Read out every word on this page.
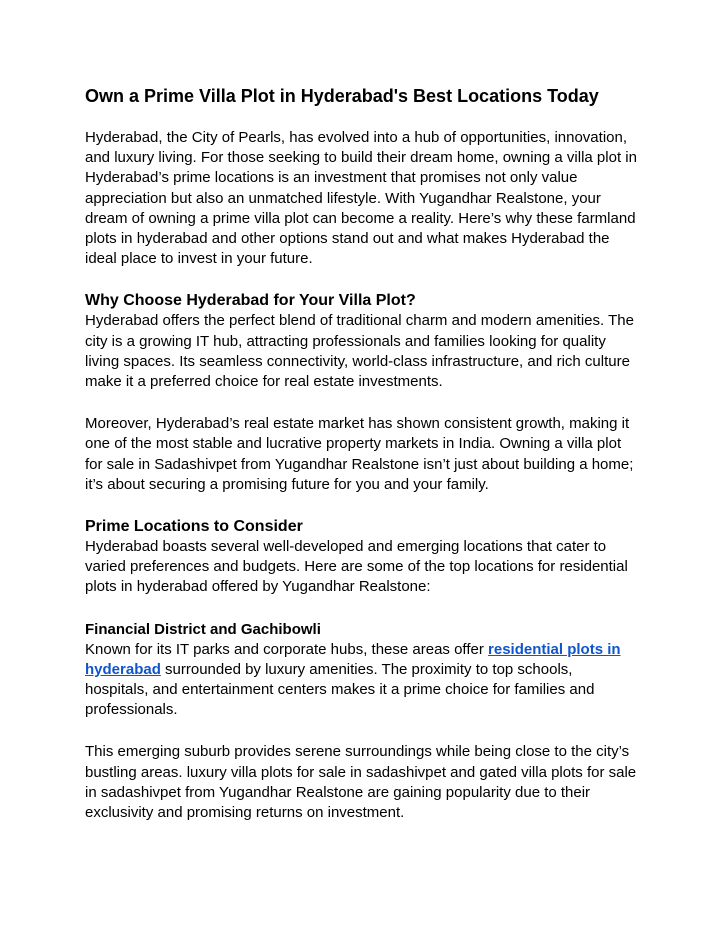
Own a Prime Villa Plot in Hyderabad's Best Locations Today

Hyderabad, the City of Pearls, has evolved into a hub of opportunities, innovation, and luxury living. For those seeking to build their dream home, owning a villa plot in Hyderabad’s prime locations is an investment that promises not only value appreciation but also an unmatched lifestyle. With Yugandhar Realstone, your dream of owning a prime villa plot can become a reality. Here’s why these farmland plots in hyderabad and other options stand out and what makes Hyderabad the ideal place to invest in your future.

Why Choose Hyderabad for Your Villa Plot?

Hyderabad offers the perfect blend of traditional charm and modern amenities. The city is a growing IT hub, attracting professionals and families looking for quality living spaces. Its seamless connectivity, world-class infrastructure, and rich culture make it a preferred choice for real estate investments.

Moreover, Hyderabad’s real estate market has shown consistent growth, making it one of the most stable and lucrative property markets in India. Owning a villa plot for sale in Sadashivpet from Yugandhar Realstone isn’t just about building a home; it’s about securing a promising future for you and your family.

Prime Locations to Consider

Hyderabad boasts several well-developed and emerging locations that cater to varied preferences and budgets. Here are some of the top locations for residential plots in hyderabad offered by Yugandhar Realstone:

Financial District and Gachibowli

Known for its IT parks and corporate hubs, these areas offer residential plots in hyderabad surrounded by luxury amenities. The proximity to top schools, hospitals, and entertainment centers makes it a prime choice for families and professionals.

This emerging suburb provides serene surroundings while being close to the city’s bustling areas. luxury villa plots for sale in sadashivpet and gated villa plots for sale in sadashivpet from Yugandhar Realstone are gaining popularity due to their exclusivity and promising returns on investment.
